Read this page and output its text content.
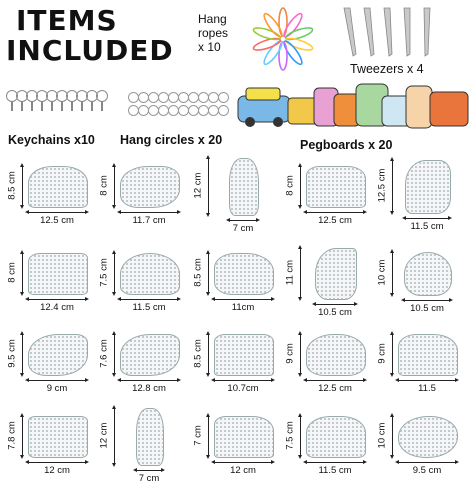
ITEMS
INCLUDED
Hang
ropes
x 10
Tweezers x 4
Keychains x10 Hang circles x 20	Pegboards x 20
8.5 cm
12.5 cm
8 cm
11.7 cm
12 cm
7 cm
8 cm
12.5 cm
12.5 cm
11.5 cm
8 cm
12.4 cm
7.5 cm
11.5 cm
8.5 cm
11cm
11 cm
10.5 cm
10 cm
10.5 cm
9.5 cm
9 cm
7.6 cm
12.8 cm
8.5 cm
10.7cm
9 cm
12.5 cm
9 cm
11.5
7.8 cm
12 cm
12 cm
7 cm
7 cm
12 cm
7.5 cm
11.5 cm
10 cm
9.5 cm
